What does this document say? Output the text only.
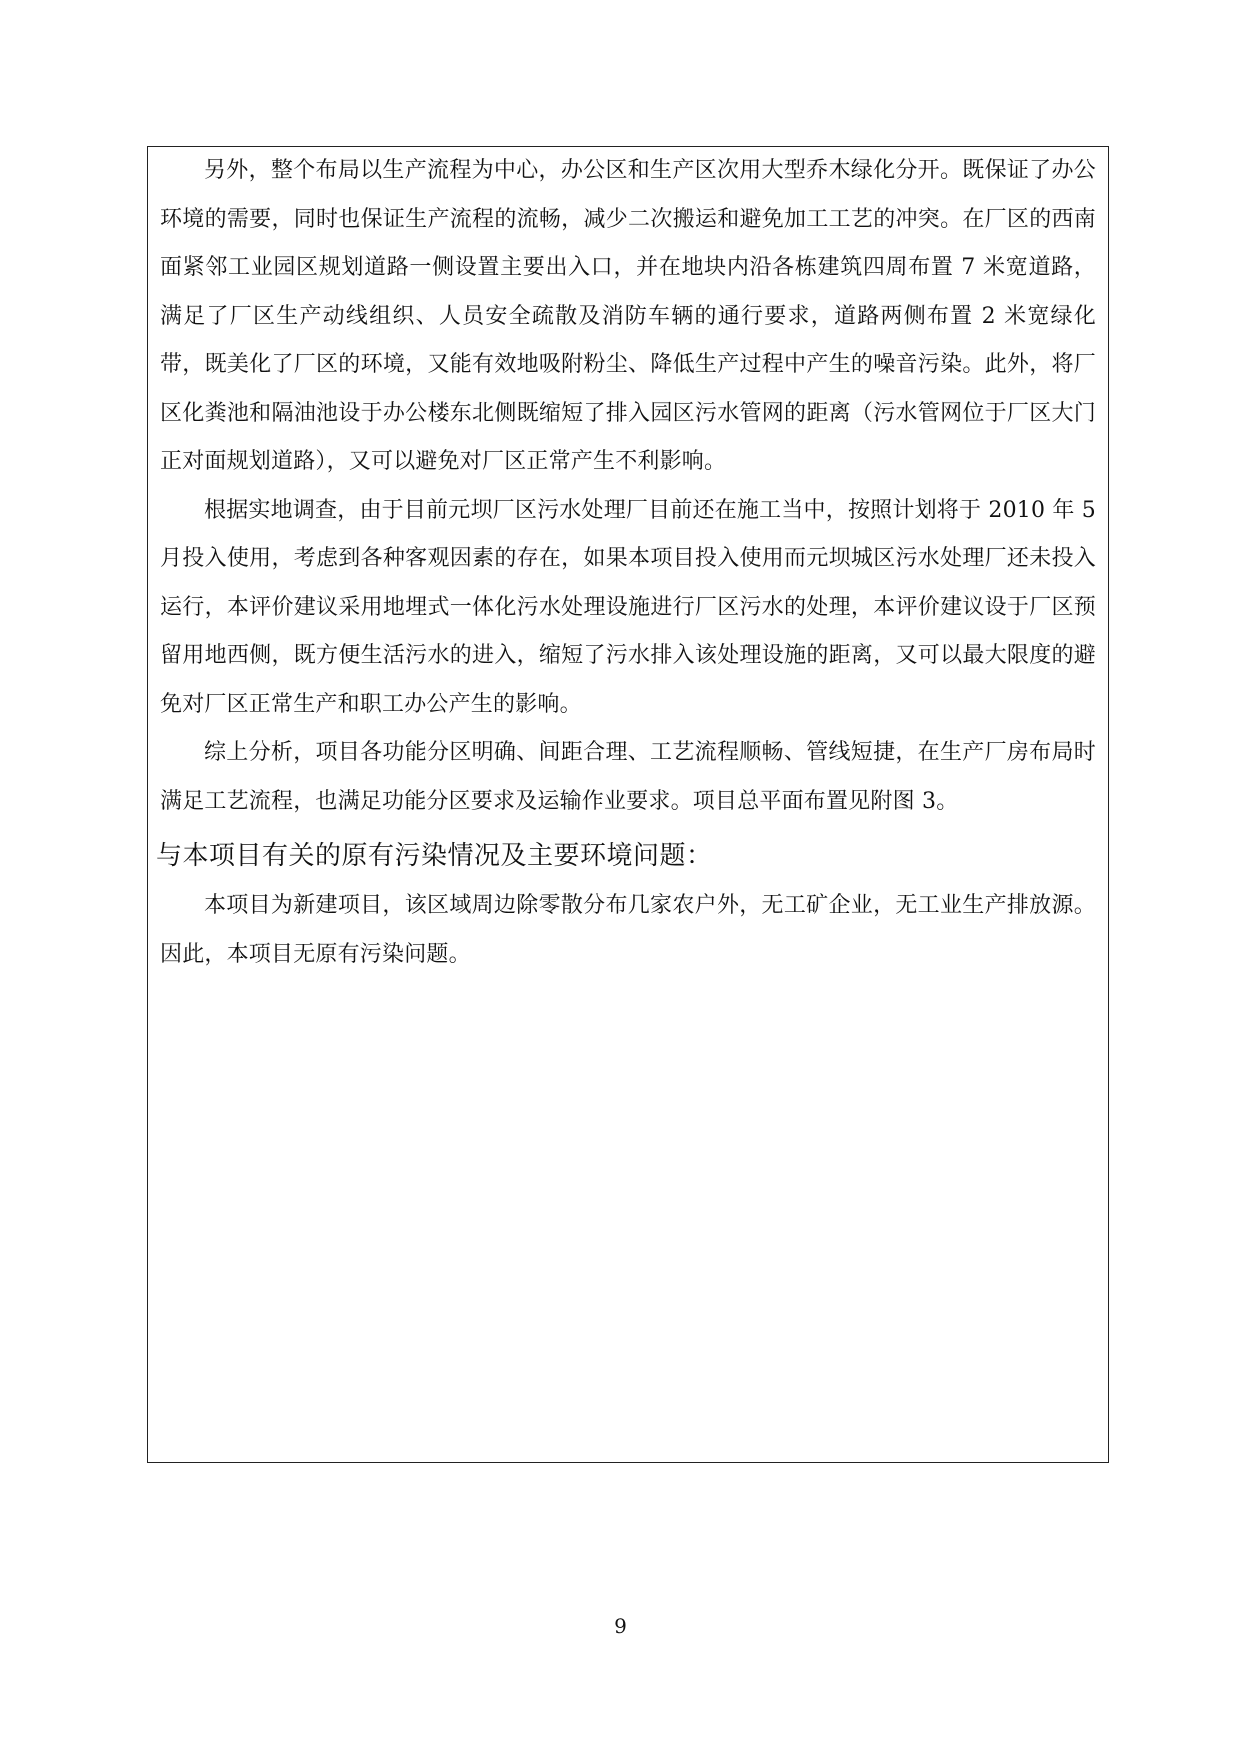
另外，整个布局以生产流程为中心，办公区和生产区次用大型乔木绿化分开。既保证了办公环境的需要，同时也保证生产流程的流畅，减少二次搬运和避免加工工艺的冲突。在厂区的西南面紧邻工业园区规划道路一侧设置主要出入口，并在地块内沿各栋建筑四周布置 7 米宽道路，满足了厂区生产动线组织、人员安全疏散及消防车辆的通行要求，道路两侧布置 2 米宽绿化带，既美化了厂区的环境，又能有效地吸附粉尘、降低生产过程中产生的噪音污染。此外，将厂区化粪池和隔油池设于办公楼东北侧既缩短了排入园区污水管网的距离（污水管网位于厂区大门正对面规划道路），又可以避免对厂区正常产生不利影响。

根据实地调查，由于目前元坝厂区污水处理厂目前还在施工当中，按照计划将于 2010 年 5 月投入使用，考虑到各种客观因素的存在，如果本项目投入使用而元坝城区污水处理厂还未投入运行，本评价建议采用地埋式一体化污水处理设施进行厂区污水的处理，本评价建议设于厂区预留用地西侧，既方便生活污水的进入，缩短了污水排入该处理设施的距离，又可以最大限度的避免对厂区正常生产和职工办公产生的影响。

综上分析，项目各功能分区明确、间距合理、工艺流程顺畅、管线短捷，在生产厂房布局时满足工艺流程，也满足功能分区要求及运输作业要求。项目总平面布置见附图 3。

与本项目有关的原有污染情况及主要环境问题：

本项目为新建项目，该区域周边除零散分布几家农户外，无工矿企业，无工业生产排放源。因此，本项目无原有污染问题。

9
